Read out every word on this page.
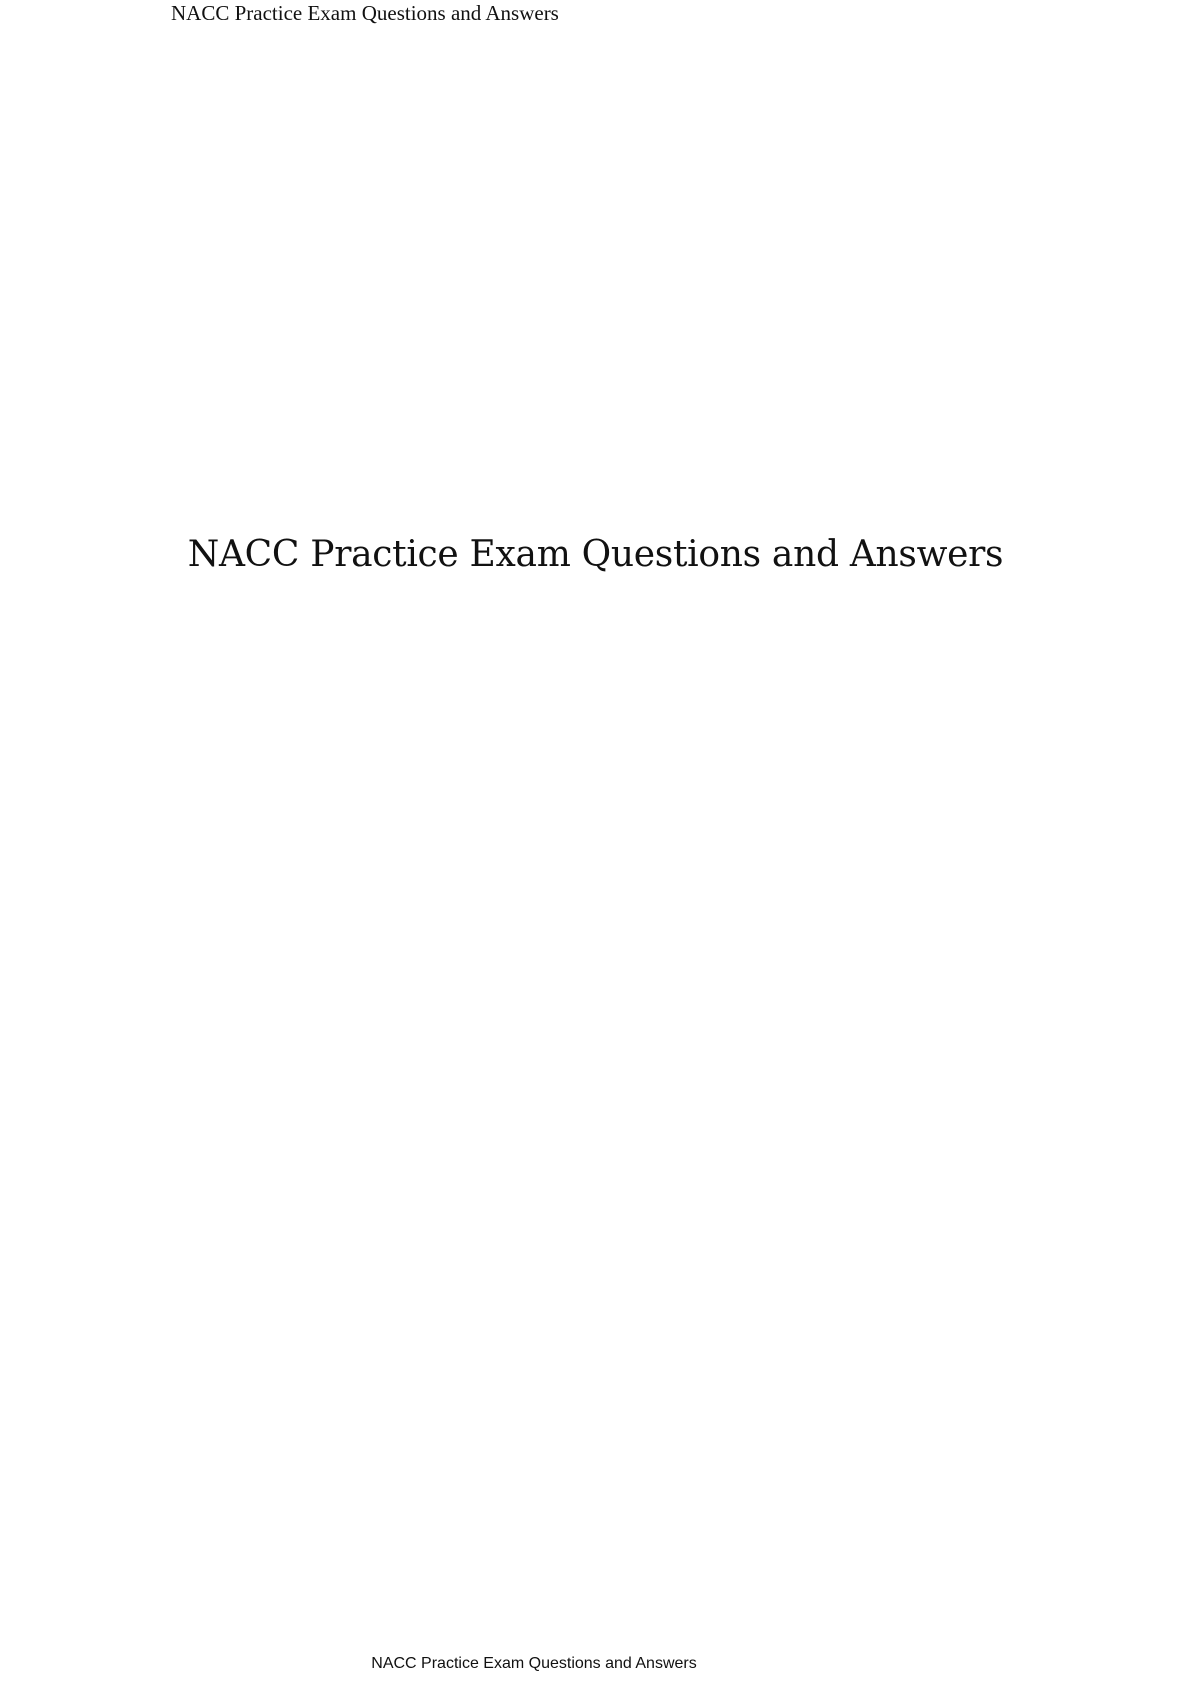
NACC Practice Exam Questions and Answers
NACC Practice Exam Questions and Answers
NACC Practice Exam Questions and Answers
